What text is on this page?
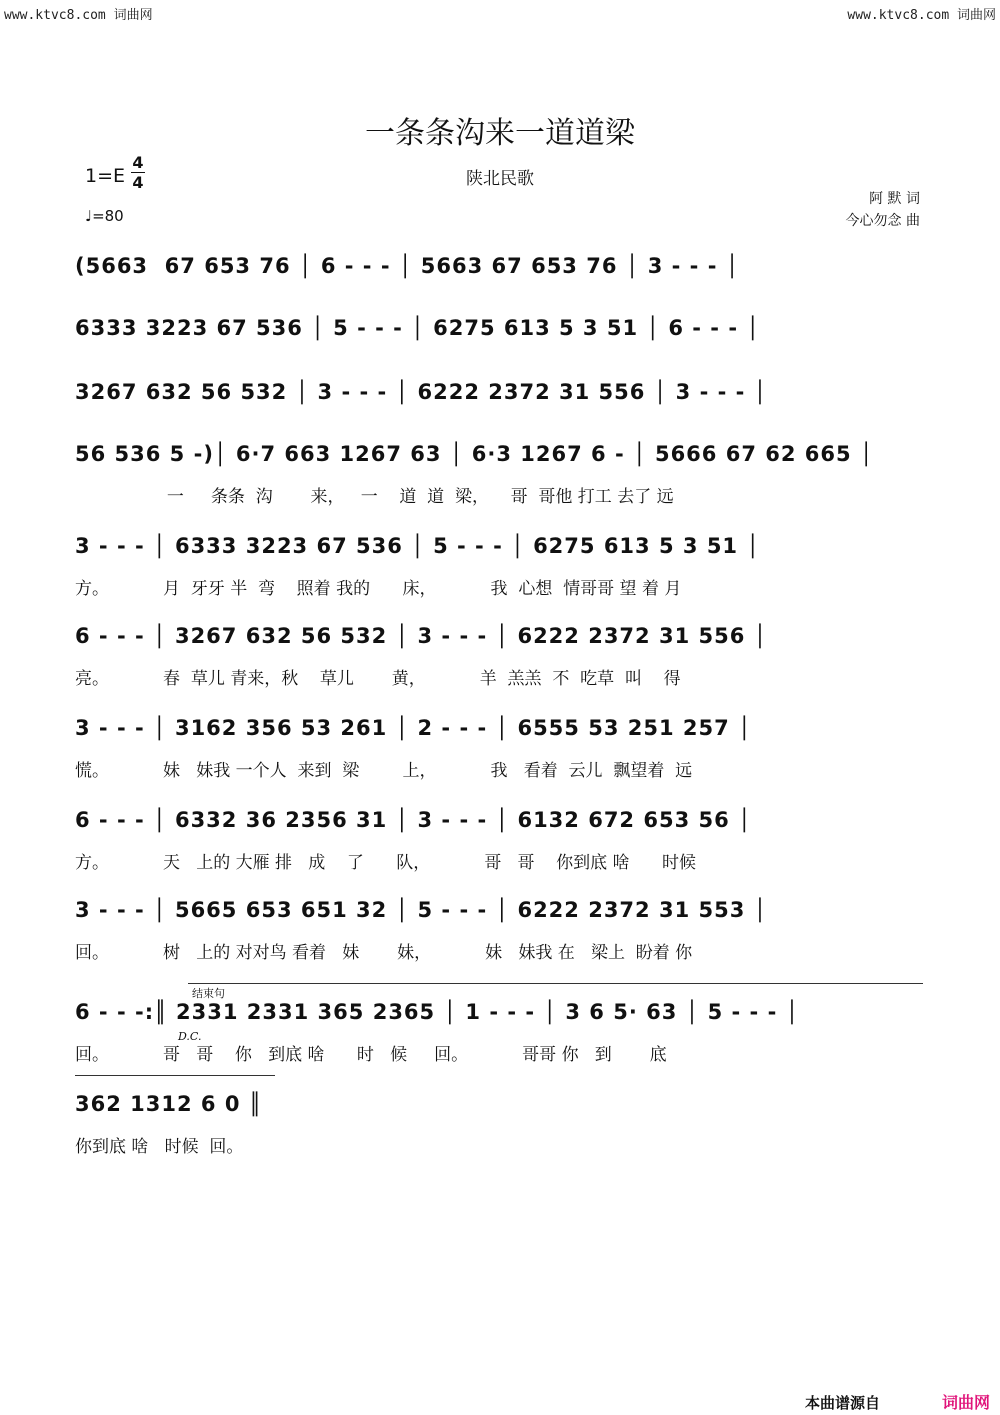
www.ktvc8.com 词曲网	www.ktvc8.com 词曲网
一条条沟来一道道梁
陕北民歌
1=E
4
4
♩=80
阿 默 词
今心勿念 曲
(5663  67 653 76 │ 6 - - - │ 5663 67 653 76 │ 3 - - - │
6333 3223 67 536 │ 5 - - - │ 6275 613 5 3 51 │ 6 - - - │
3267 632 56 532 │ 3 - - - │ 6222 2372 31 556 │ 3 - - - │
56 536 5 -)│ 6·7 663 1267 63 │ 6·3 1267 6 - │ 5666 67 62 665 │
一     条条  沟       来，   一    道  道  梁，    哥  哥他 打工 去了 远
3 - - - │ 6333 3223 67 536 │ 5 - - - │ 6275 613 5 3 51 │
方。          月  牙牙 半  弯    照着 我的      床，          我  心想  情哥哥 望 着 月
6 - - - │ 3267 632 56 532 │ 3 - - - │ 6222 2372 31 556 │
亮。          春  草儿 青来，秋    草儿       黄，          羊  羔羔  不  吃草  叫    得
3 - - - │ 3162 356 53 261 │ 2 - - - │ 6555 53 251 257 │
慌。          妹   妹我 一个人  来到  梁        上，          我   看着  云儿  飘望着  远
6 - - - │ 6332 36 2356 31 │ 3 - - - │ 6132 672 653 56 │
方。          天   上的 大雁 排   成    了      队，          哥   哥    你到底 啥      时候
3 - - - │ 5665 653 651 32 │ 5 - - - │ 6222 2372 31 553 │
回。          树   上的 对对鸟 看着   妹       妹，          妹   妹我 在   梁上  盼着 你
6 - - -:║ 2331 2331 365 2365 │ 1 - - - │ 3 6 5· 63 │ 5 - - - │
回。          哥   哥    你   到底 啥      时   候     回。          哥哥 你   到       底
362 1312 6 0 ║
你到底 啥   时候  回。
结束句
D.C.
本曲谱源自	词曲网
